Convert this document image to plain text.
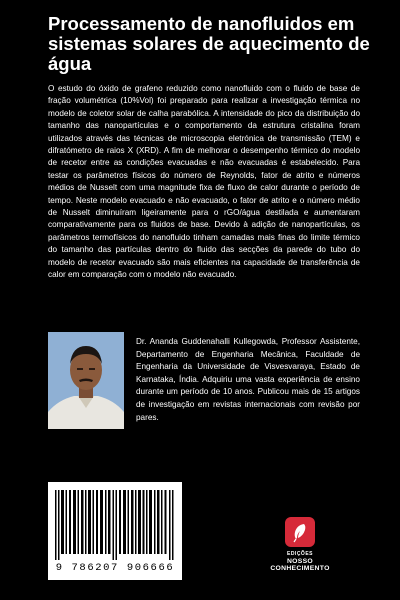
Processamento de nanofluidos em sistemas solares de aquecimento de água

O estudo do óxido de grafeno reduzido como nanofluido com o fluido de base de fração volumétrica (10%Vol) foi preparado para realizar a investigação térmica no modelo de coletor solar de calha parabólica. A intensidade do pico da distribuição do tamanho das nanopartículas e o comportamento da estrutura cristalina foram utilizados através das técnicas de microscopia eletrónica de transmissão (TEM) e difratómetro de raios X (XRD). A fim de melhorar o desempenho térmico do modelo de recetor entre as condições evacuadas e não evacuadas é estabelecido. Para testar os parâmetros físicos do número de Reynolds, fator de atrito e números médios de Nusselt com uma magnitude fixa de fluxo de calor durante o período de tempo. Neste modelo evacuado e não evacuado, o fator de atrito e o número médio de Nusselt diminuíram ligeiramente para o rGO/água destilada e aumentaram comparativamente para os fluidos de base. Devido à adição de nanopartículas, os parâmetros termofísicos do nanofluido tinham camadas mais finas do limite térmico do tamanho das partículas dentro do fluido das secções da parede do tubo do modelo de recetor evacuado são mais eficientes na capacidade de transferência de calor em comparação com o modelo não evacuado.

Dr. Ananda Guddenahalli Kullegowda, Professor Assistente, Departamento de Engenharia Mecânica, Faculdade de Engenharia da Universidade de Visvesvaraya, Estado de Karnataka, Índia. Adquiriu uma vasta experiência de ensino durante um período de 10 anos. Publicou mais de 15 artigos de investigação em revistas internacionais com revisão por pares.

9 786207 906666
EDIÇÕES
NOSSO CONHECIMENTO
